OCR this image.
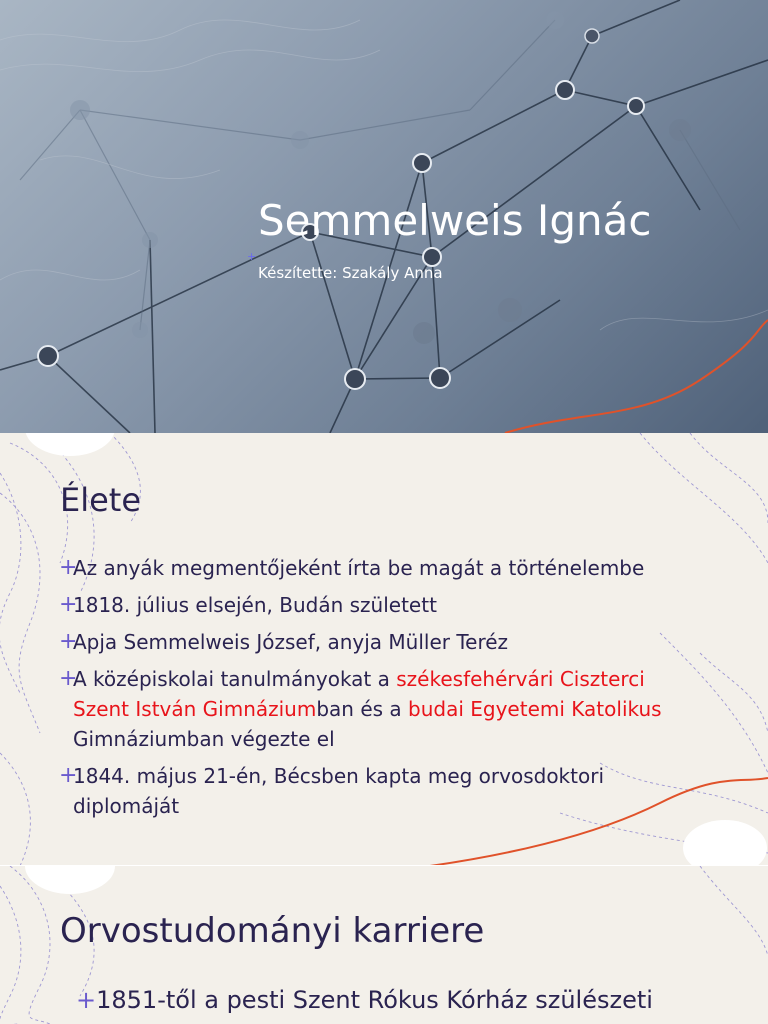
+
Semmelweis Ignác
Készítette: Szakály Anna
Élete
+
Az anyák megmentőjeként írta be magát a történelembe
+
1818. július elsején, Budán született
+
Apja Semmelweis József, anyja Müller Teréz
+
A középiskolai tanulmányokat a székesfehérvári Ciszterci Szent István Gimnáziumban és a budai Egyetemi Katolikus Gimnáziumban végezte el
+
1844. május 21-én, Bécsben kapta meg orvosdoktori diplomáját
Orvostudományi karriere
+1851-től a pesti Szent Rókus Kórház szülészeti
